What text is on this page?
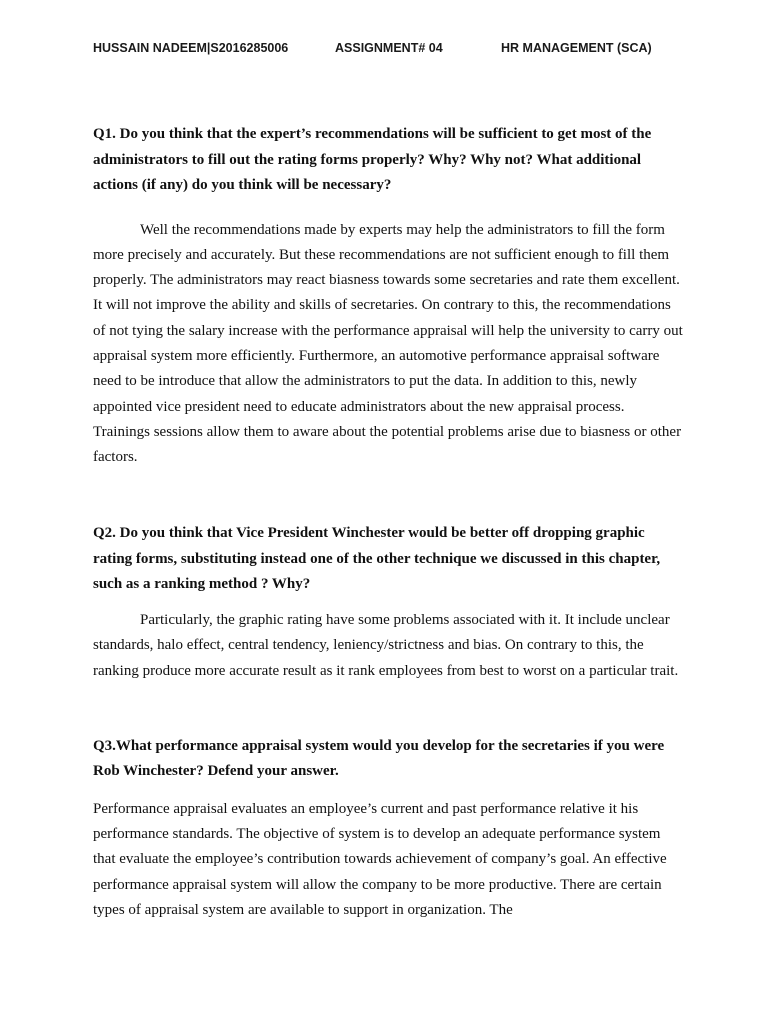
HUSSAIN NADEEM|S2016285006	ASSIGNMENT# 04	HR MANAGEMENT (SCA)

Q1. Do you think that the expert’s recommendations will be sufficient to get most of the administrators to fill out the rating forms properly? Why? Why not? What additional actions (if any) do you think will be necessary?

Well the recommendations made by experts may help the administrators to fill the form more precisely and accurately. But these recommendations are not sufficient enough to fill them properly. The administrators may react biasness towards some secretaries and rate them excellent. It will not improve the ability and skills of secretaries. On contrary to this, the recommendations of not tying the salary increase with the performance appraisal will help the university to carry out appraisal system more efficiently. Furthermore, an automotive performance appraisal software need to be introduce that allow the administrators to put the data. In addition to this, newly appointed vice president need to educate administrators about the new appraisal process. Trainings sessions allow them to aware about the potential problems arise due to biasness or other factors.

Q2. Do you think that Vice President Winchester would be better off dropping graphic rating forms, substituting instead one of the other technique we discussed in this chapter, such as a ranking method ? Why?

Particularly, the graphic rating have some problems associated with it. It include unclear standards, halo effect, central tendency, leniency/strictness and bias. On contrary to this, the ranking produce more accurate result as it rank employees from best to worst on a particular trait.

Q3.What performance appraisal system would you develop for the secretaries if you were Rob Winchester? Defend your answer.

Performance appraisal evaluates an employee’s current and past performance relative it his performance standards. The objective of system is to develop an adequate performance system that evaluate the employee’s contribution towards achievement of company’s goal. An effective performance appraisal system will allow the company to be more productive. There are certain types of appraisal system are available to support in organization. The
